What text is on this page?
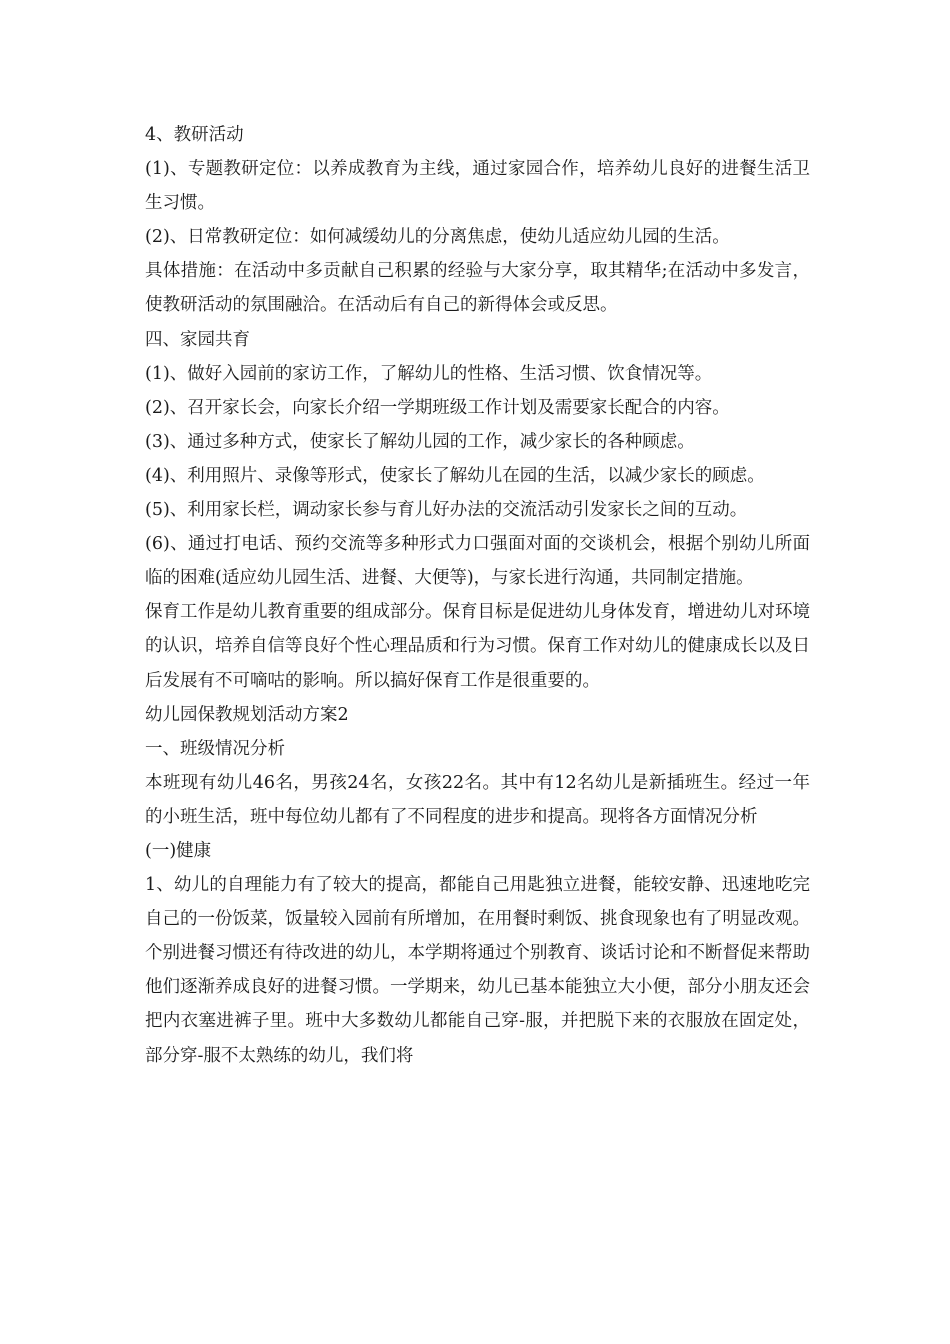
4、教研活动

(1)、专题教研定位：以养成教育为主线，通过家园合作，培养幼儿良好的进餐生活卫生习惯。

(2)、日常教研定位：如何减缓幼儿的分离焦虑，使幼儿适应幼儿园的生活。

具体措施：在活动中多贡献自己积累的经验与大家分享，取其精华;在活动中多发言，使教研活动的氛围融洽。在活动后有自己的新得体会或反思。

四、家园共育

(1)、做好入园前的家访工作，了解幼儿的性格、生活习惯、饮食情况等。

(2)、召开家长会，向家长介绍一学期班级工作计划及需要家长配合的内容。

(3)、通过多种方式，使家长了解幼儿园的工作，减少家长的各种顾虑。

(4)、利用照片、录像等形式，使家长了解幼儿在园的生活，以减少家长的顾虑。

(5)、利用家长栏，调动家长参与育儿好办法的交流活动引发家长之间的互动。

(6)、通过打电话、预约交流等多种形式力口强面对面的交谈机会，根据个别幼儿所面临的困难(适应幼儿园生活、进餐、大便等)，与家长进行沟通，共同制定措施。

保育工作是幼儿教育重要的组成部分。保育目标是促进幼儿身体发育，增进幼儿对环境的认识，培养自信等良好个性心理品质和行为习惯。保育工作对幼儿的健康成长以及日后发展有不可嘀咕的影响。所以搞好保育工作是很重要的。

幼儿园保教规划活动方案2

一、班级情况分析

本班现有幼儿46名，男孩24名，女孩22名。其中有12名幼儿是新插班生。经过一年的小班生活，班中每位幼儿都有了不同程度的进步和提高。现将各方面情况分析

(一)健康

1、幼儿的自理能力有了较大的提高，都能自己用匙独立进餐，能较安静、迅速地吃完自己的一份饭菜，饭量较入园前有所增加，在用餐时剩饭、挑食现象也有了明显改观。个别进餐习惯还有待改进的幼儿，本学期将通过个别教育、谈话讨论和不断督促来帮助他们逐渐养成良好的进餐习惯。一学期来，幼儿已基本能独立大小便，部分小朋友还会把内衣塞进裤子里。班中大多数幼儿都能自己穿-服，并把脱下来的衣服放在固定处，部分穿-服不太熟练的幼儿，我们将
